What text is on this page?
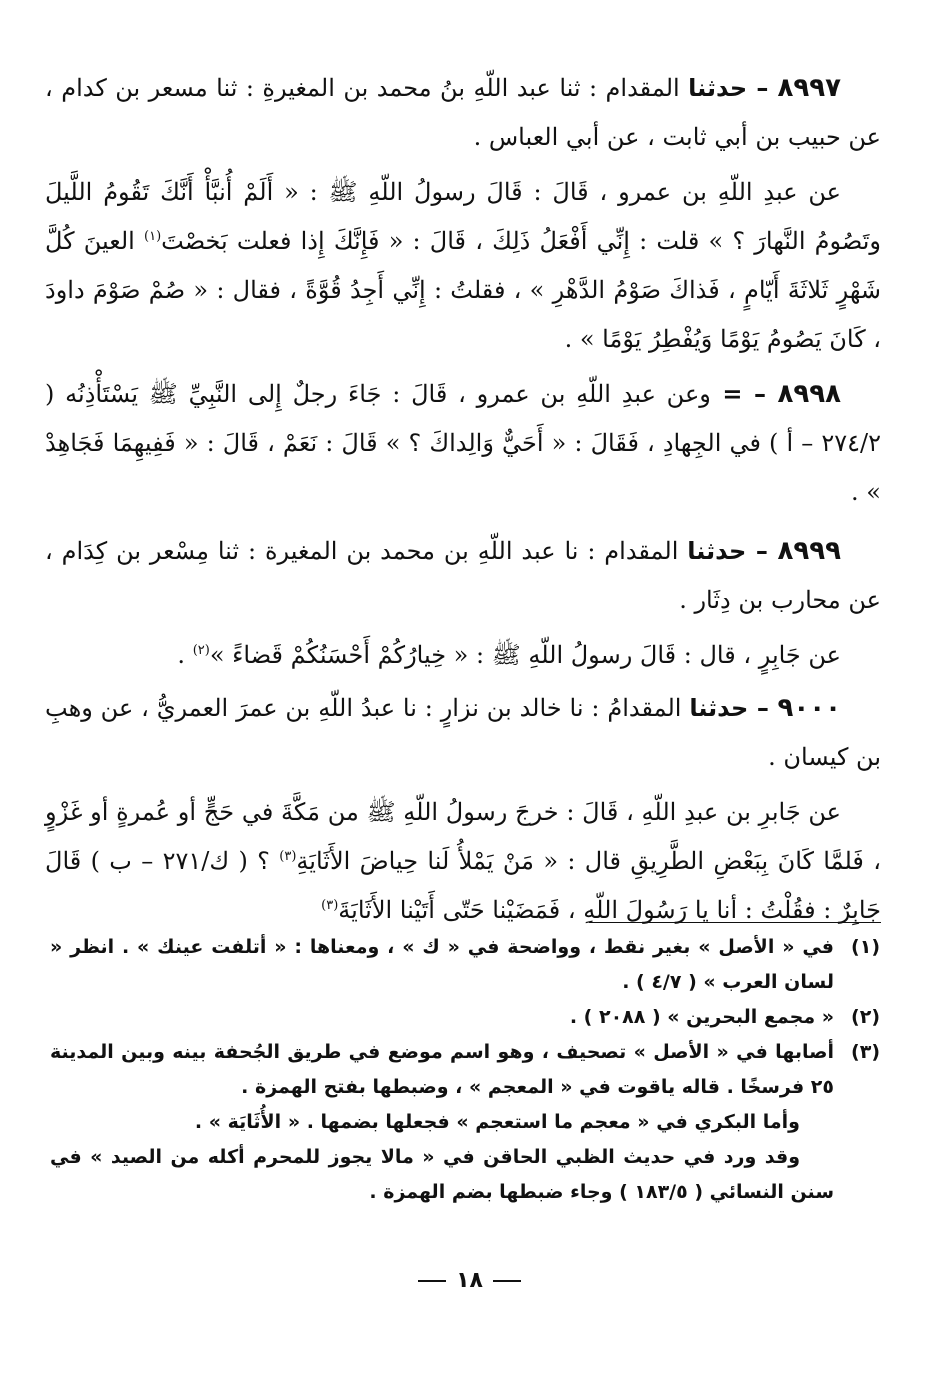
٨٩٩٧ – حدثنا المقدام : ثنا عبد اللّهِ بنُ محمد بن المغيرةِ : ثنا مسعر بن كدام ، عن حبيب بن أبي ثابت ، عن أبي العباس .

عن عبدِ اللّهِ بن عمرو ، قَالَ : قَالَ رسولُ اللّهِ ﷺ : « أَلَمْ أُنبَّأْ أَنَّكَ تَقُومُ اللَّيلَ وتَصُومُ النَّهارَ ؟ » قلت : إِنِّي أَفْعَلُ ذَلِكَ ، قَالَ : « فَإِنَّكَ إِذا فعلت بَخصْتَ$^{(١)}$ العينَ كُلَّ شَهْرٍ ثَلاثَةَ أَيّامٍ ، فَذاكَ صَوْمُ الدَّهْرِ » ، فقلتُ : إِنِّي أَجِدُ قُوَّةً ، فقال : « صُمْ صَوْمَ داودَ ، كَانَ يَصُومُ يَوْمًا وَيُفْطِرُ يَوْمًا » .

٨٩٩٨ – = وعن عبدِ اللّهِ بن عمرو ، قَالَ : جَاءَ رجلٌ إِلى النَّبِيِّ ﷺ يَسْتَأْذِنُه ( ٢٧٤/٢ – أ ) في الجِهادِ ، فَقَالَ : « أَحَيٌّ وَالِداكَ ؟ » قَالَ : نَعَمْ ، قَالَ : « فَفِيهِمَا فَجَاهِدْ » .

٨٩٩٩ – حدثنا المقدام : نا عبد اللّهِ بن محمد بن المغيرة : ثنا مِسْعر بن كِدَام ، عن محارب بن دِثَار .

عن جَابِرٍ ، قال : قَالَ رسولُ اللّهِ ﷺ : « خِيارُكُمْ أَحْسَنُكُمْ قَضاءً »$^{(٢)}$ .

٩٠٠٠ – حدثنا المقدامُ : نا خالد بن نزارٍ : نا عبدُ اللّهِ بن عمرَ العمريُّ ، عن وهبِ بن كيسان .

عن جَابرِ بن عبدِ اللّهِ ، قَالَ : خرجَ رسولُ اللّهِ ﷺ من مَكَّةَ في حَجٍّ أو عُمرةٍ أو غَزْوٍ ، فَلمَّا كَانَ بِبَعْضِ الطَّرِيقِ قال : « مَنْ يَمْلأُ لَنا حِياضَ الأَثَايَةِ$^{(٣)}$ ؟ ( ك/٢٧١ – ب ) قَالَ جَابِرٌ : فقُلْتُ : أنا يا رَسُولَ اللّهِ ، فَمَضَيْنا حَتّى أَتَيْنا الأَثَايَةَ$^{(٣)}$

(١)
في « الأصل » بغير نقط ، وواضحة في « ك » ، ومعناها : « أتلفت عينك » . انظر « لسان العرب » ( ٤/٧ ) .
(٢)
« مجمع البحرين » ( ٢٠٨٨ ) .
(٣)
أصابها في « الأصل » تصحيف ، وهو اسم موضع في طريق الجُحفة بينه وبين المدينة ٢٥ فرسخًا . قاله ياقوت في « المعجم » ، وضبطها بفتح الهمزة .

وأما البكري في « معجم ما استعجم » فجعلها بضمها . « الأُثَايَة » .

وقد ورد في حديث الظبي الحاقن في « مالا يجوز للمحرم أكله من الصيد » في سنن النسائي ( ١٨٣/٥ ) وجاء ضبطها بضم الهمزة .

١٨
